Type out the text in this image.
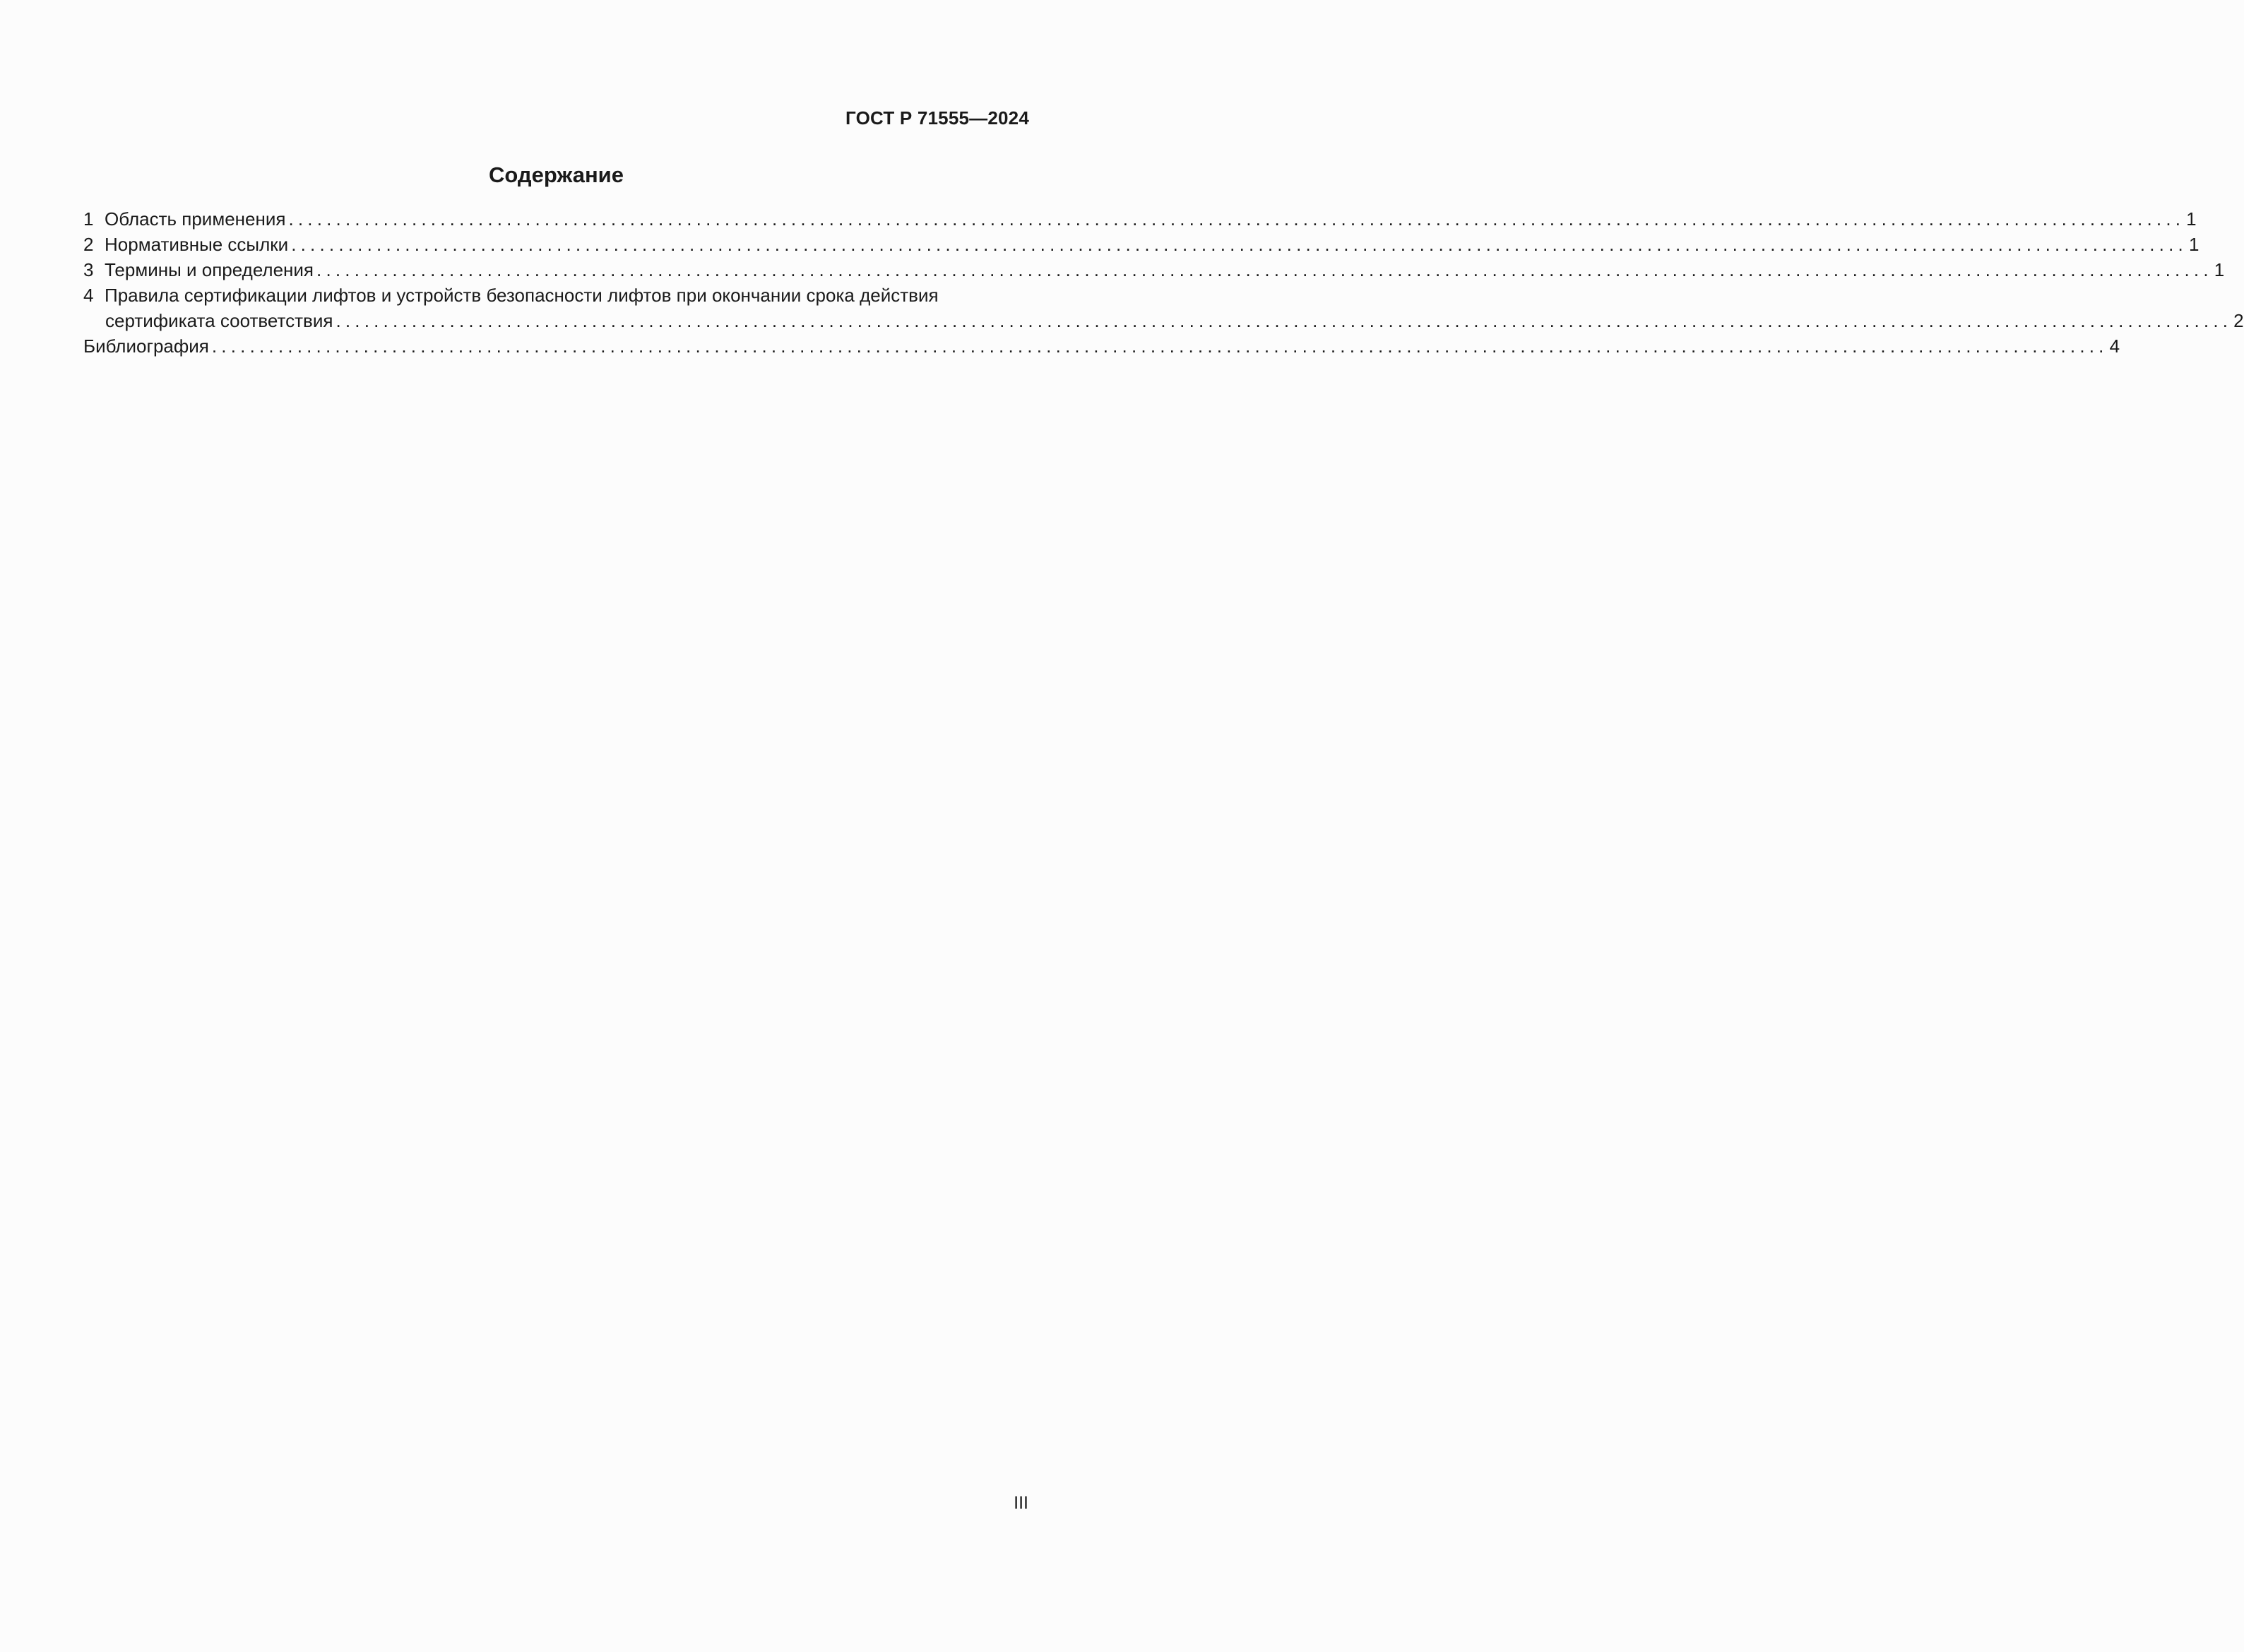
ГОСТ Р 71555—2024
Содержание
1 Область применения ........................................................................................................................................................................................................ 1
2 Нормативные ссылки ........................................................................................................................................................................................................ 1
3 Термины и определения ........................................................................................................................................................................................................ 1
4 Правила сертификации лифтов и устройств безопасности лифтов при окончании срока действия
сертификата соответствия ........................................................................................................................................................................................................ 2
Библиография ........................................................................................................................................................................................................ 4
III
